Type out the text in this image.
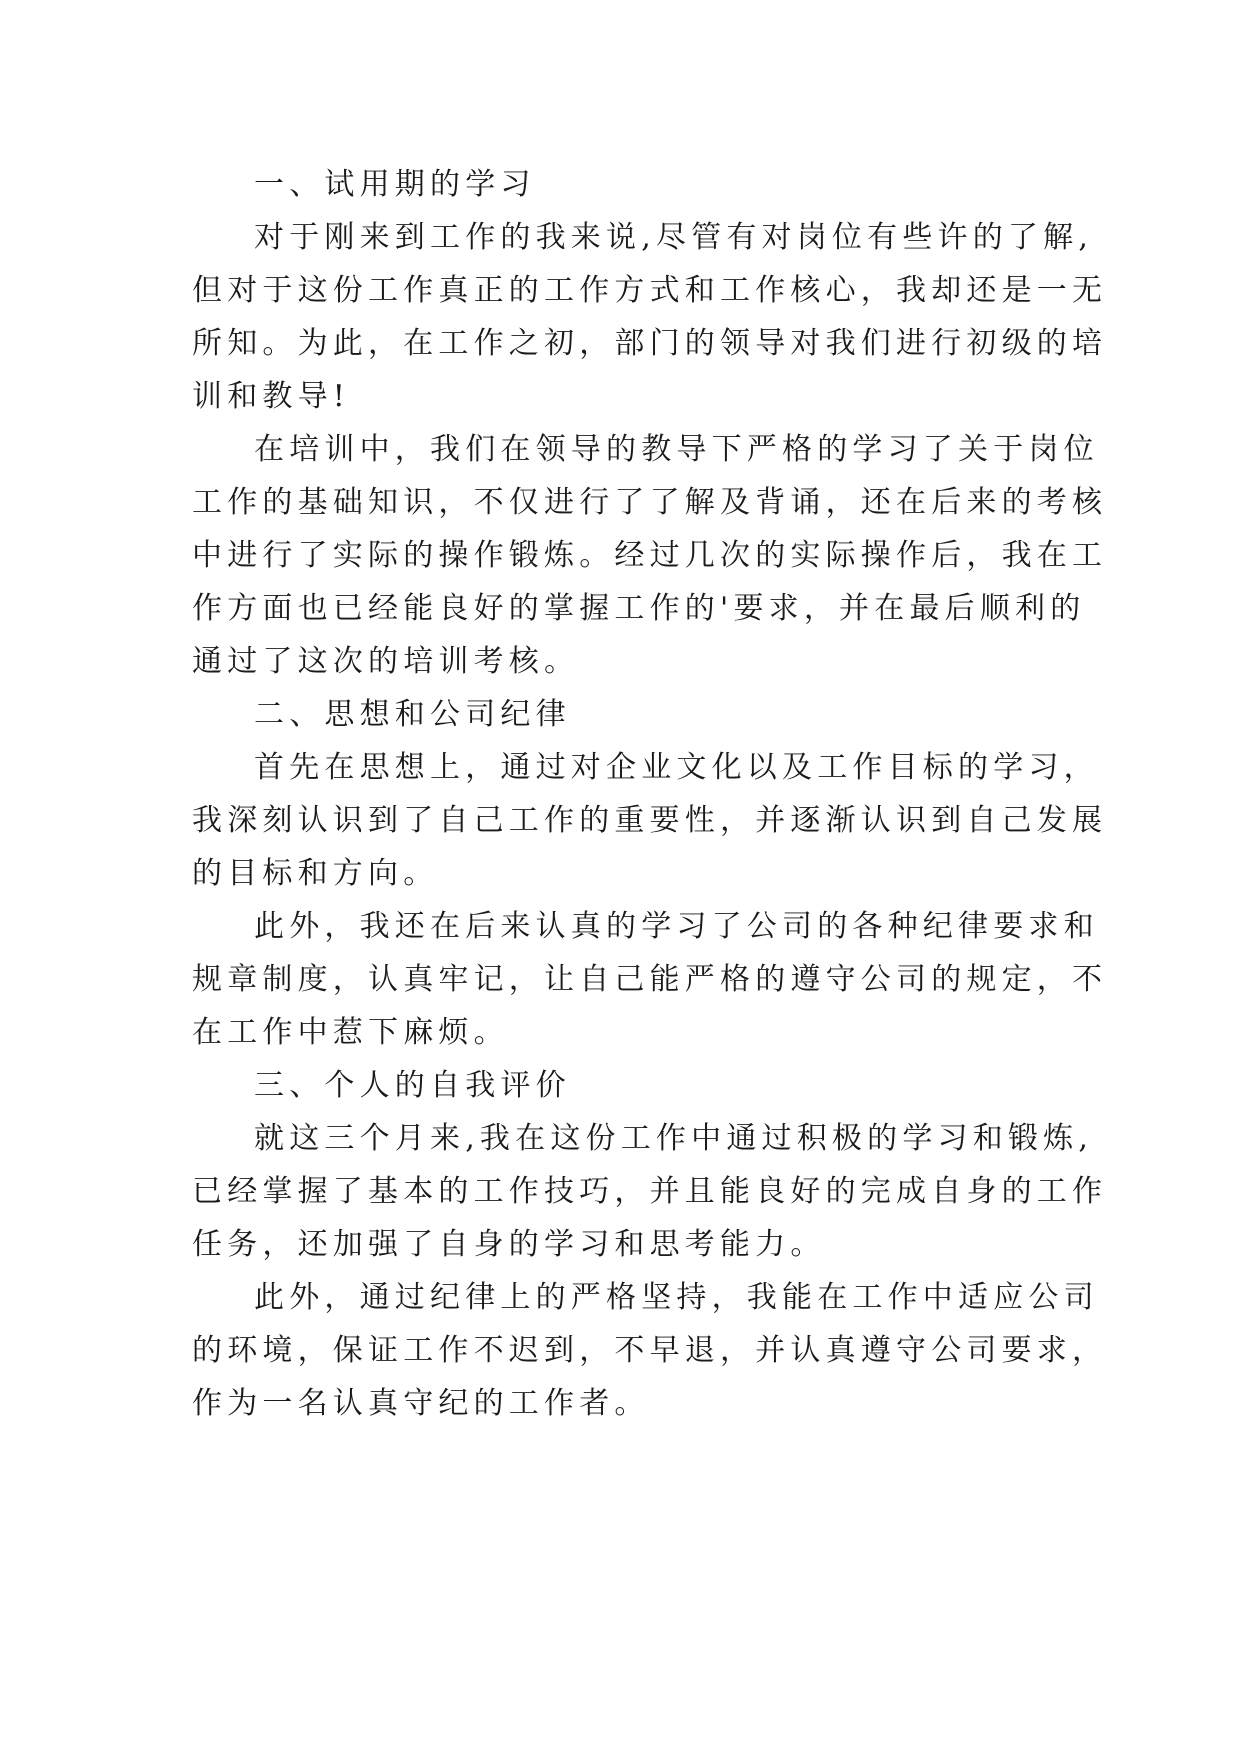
一、试用期的学习
对于刚来到工作的我来说,尽管有对岗位有些许的了解,
但对于这份工作真正的工作方式和工作核心，我却还是一无
所知。为此，在工作之初，部门的领导对我们进行初级的培
训和教导!
在培训中，我们在领导的教导下严格的学习了关于岗位
工作的基础知识，不仅进行了了解及背诵，还在后来的考核
中进行了实际的操作锻炼。经过几次的实际操作后，我在工
作方面也已经能良好的掌握工作的'要求，并在最后顺利的
通过了这次的培训考核。
二、思想和公司纪律
首先在思想上，通过对企业文化以及工作目标的学习，
我深刻认识到了自己工作的重要性，并逐渐认识到自己发展
的目标和方向。
此外，我还在后来认真的学习了公司的各种纪律要求和
规章制度，认真牢记，让自己能严格的遵守公司的规定，不
在工作中惹下麻烦。
三、个人的自我评价
就这三个月来,我在这份工作中通过积极的学习和锻炼,
已经掌握了基本的工作技巧，并且能良好的完成自身的工作
任务，还加强了自身的学习和思考能力。
此外，通过纪律上的严格坚持，我能在工作中适应公司
的环境，保证工作不迟到，不早退，并认真遵守公司要求，
作为一名认真守纪的工作者。
